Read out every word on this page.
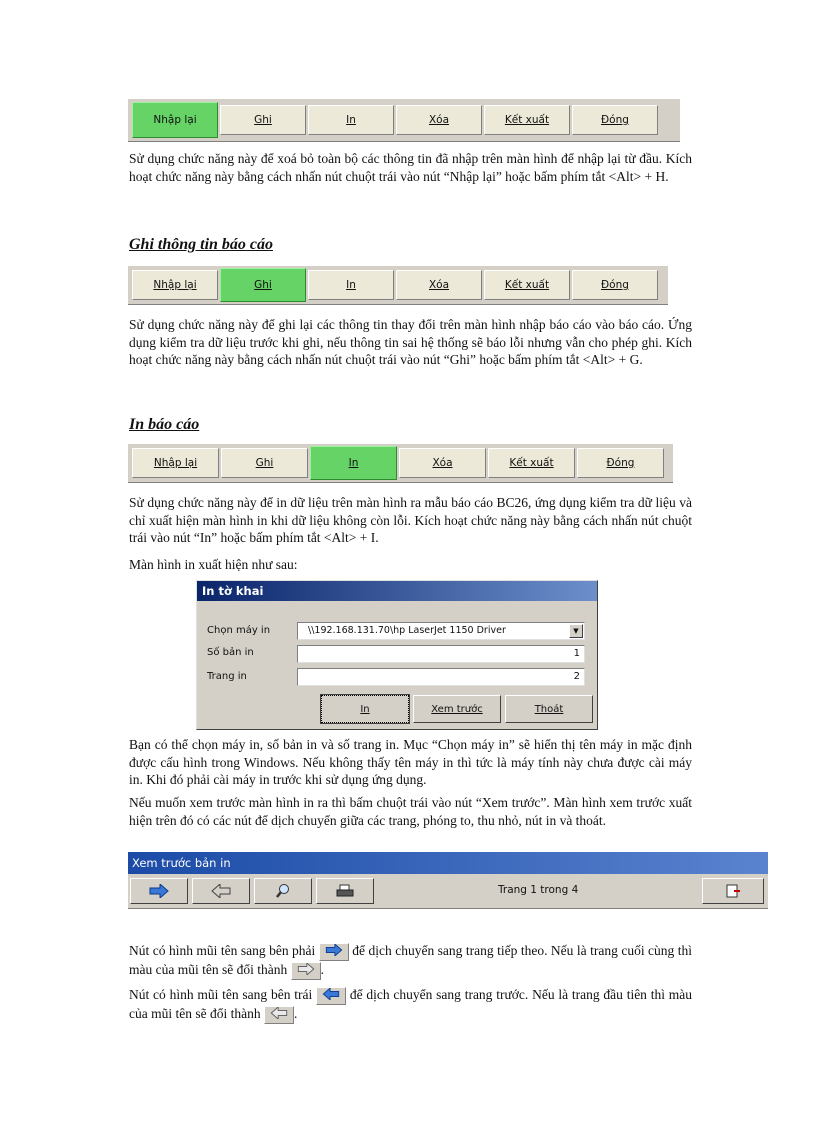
Nhập lại	Ghi	In	Xóa	Kết xuất	Đóng

Sử dụng chức năng này để xoá bỏ toàn bộ các thông tin đã nhập trên màn hình để nhập lại từ đầu. Kích hoạt chức năng này bằng cách nhấn nút chuột trái vào nút “Nhập lại” hoặc bấm phím tắt <Alt> + H.

Ghi thông tin báo cáo
Nhập lại	Ghi	In	Xóa	Kết xuất	Đóng

Sử dụng chức năng này để ghi lại các thông tin thay đổi trên màn hình nhập báo cáo vào báo cáo. Ứng dụng kiểm tra dữ liệu trước khi ghi, nếu thông tin sai hệ thống sẽ báo lỗi nhưng vẫn cho phép ghi. Kích hoạt chức năng này bằng cách nhấn nút chuột trái vào nút “Ghi” hoặc bấm phím tắt <Alt> + G.

In báo cáo
Nhập lại	Ghi	In	Xóa	Kết xuất	Đóng

Sử dụng chức năng này để in dữ liệu trên màn hình ra mẫu báo cáo BC26, ứng dụng kiểm tra dữ liệu và chỉ xuất hiện màn hình in khi dữ liệu không còn lỗi. Kích hoạt chức năng này bằng cách nhấn nút chuột trái vào nút “In” hoặc bấm phím tắt <Alt> + I.

Màn hình in xuất hiện như sau:

In tờ khai
Chọn máy in	\\192.168.131.70\hp LaserJet 1150 Driver	▼
Số bản in	1
Trang in	2
In	Xem trước	Thoát

Bạn có thể chọn máy in, số bản in và số trang in. Mục “Chọn máy in” sẽ hiển thị tên máy in mặc định được cấu hình trong Windows. Nếu không thấy tên máy in thì tức là máy tính này chưa được cài máy in. Khi đó phải cài máy in trước khi sử dụng ứng dụng.

Nếu muốn xem trước màn hình in ra thì bấm chuột trái vào nút “Xem trước”. Màn hình xem trước xuất hiện trên đó có các nút để dịch chuyển giữa các trang, phóng to, thu nhỏ, nút in và thoát.

Xem trước bản in
Trang 1 trong 4

Nút có hình mũi tên sang bên phải	để dịch chuyển sang trang tiếp theo. Nếu là trang cuối cùng thì màu của mũi tên sẽ đổi thành .

Nút có hình mũi tên sang bên trái	để dịch chuyển sang trang trước. Nếu là trang đầu tiên thì màu của mũi tên sẽ đổi thành .
